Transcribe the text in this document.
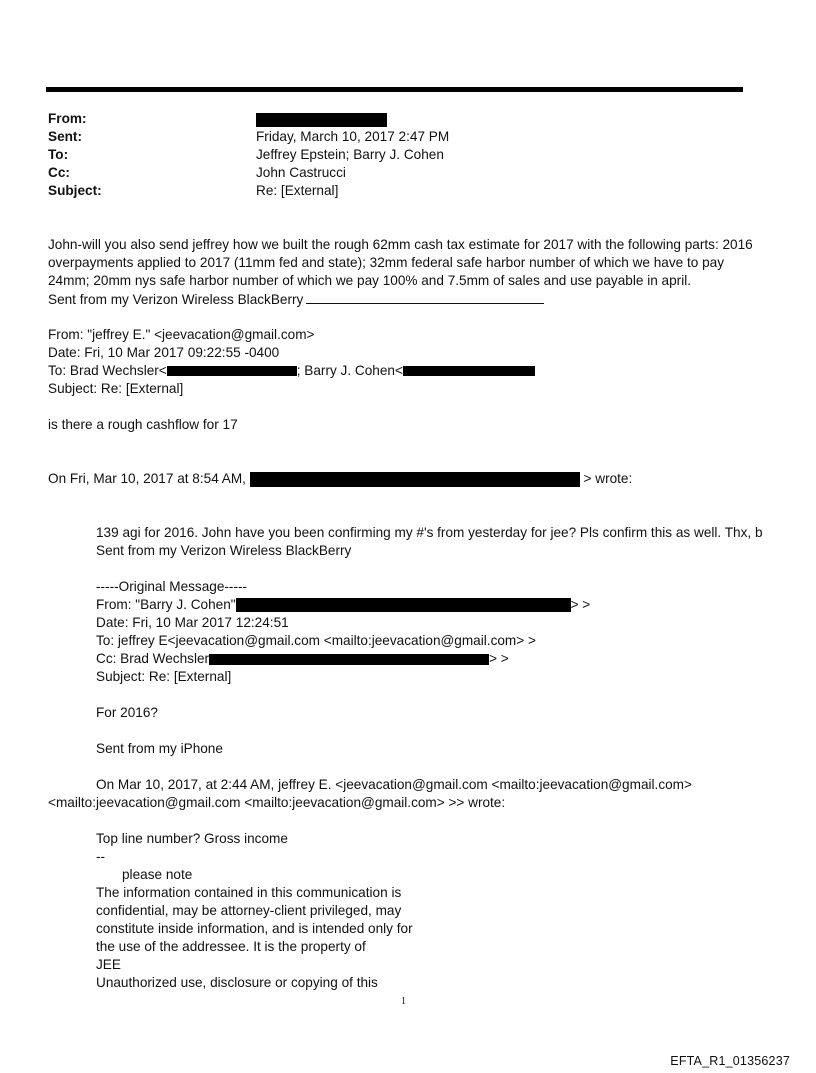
From:
Sent:	Friday, March 10, 2017 2:47 PM
To:	Jeffrey Epstein; Barry J. Cohen
Cc:	John Castrucci
Subject:	Re: [External]
John-will you also send jeffrey how we built the rough 62mm cash tax estimate for 2017 with the following parts: 2016
overpayments applied to 2017 (11mm fed and state); 32mm federal safe harbor number of which we have to pay
24mm; 20mm nys safe harbor number of which we pay 100% and 7.5mm of sales and use payable in april.
Sent from my Verizon Wireless BlackBerry
From: "jeffrey E." <jeevacation@gmail.com>
Date: Fri, 10 Mar 2017 09:22:55 -0400
To: Brad Wechsler<	; Barry J. Cohen<
Subject: Re: [External]
is there a rough cashflow for 17
On Fri, Mar 10, 2017 at 8:54 AM,	> wrote:
139 agi for 2016. John have you been confirming my #'s from yesterday for jee? Pls confirm this as well. Thx, b
Sent from my Verizon Wireless BlackBerry
-----Original Message-----
From: "Barry J. Cohen"	> >
Date: Fri, 10 Mar 2017 12:24:51
To: jeffrey E<jeevacation@gmail.com <mailto:jeevacation@gmail.com> >
Cc: Brad Wechsler	> >
Subject: Re: [External]
For 2016?
Sent from my iPhone
On Mar 10, 2017, at 2:44 AM, jeffrey E. <jeevacation@gmail.com <mailto:jeevacation@gmail.com>
<mailto:jeevacation@gmail.com <mailto:jeevacation@gmail.com> >> wrote:
Top line number? Gross income
--
please note
The information contained in this communication is
confidential, may be attorney-client privileged, may
constitute inside information, and is intended only for
the use of the addressee. It is the property of
JEE
Unauthorized use, disclosure or copying of this
1
EFTA_R1_01356237
